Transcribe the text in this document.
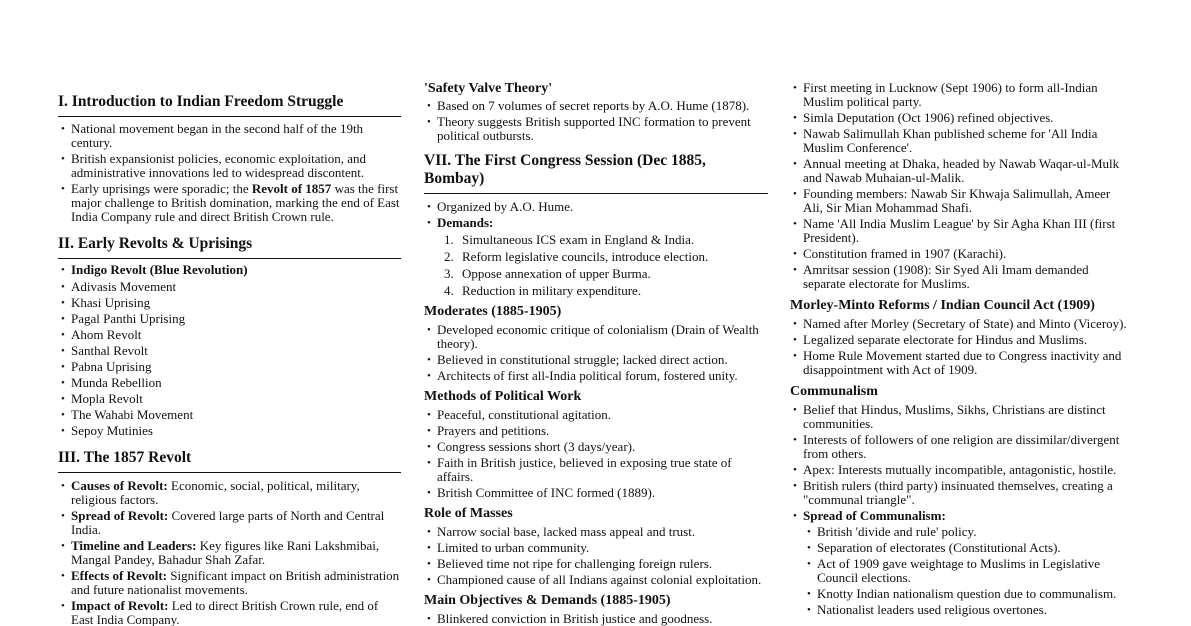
I. Introduction to Indian Freedom Struggle
• National movement began in the second half of the 19th century.
• British expansionist policies, economic exploitation, and administrative innovations led to widespread discontent.
• Early uprisings were sporadic; the Revolt of 1857 was the first major challenge to British domination, marking the end of East India Company rule and direct British Crown rule.
II. Early Revolts & Uprisings
• Indigo Revolt (Blue Revolution)
• Adivasis Movement
• Khasi Uprising
• Pagal Panthi Uprising
• Ahom Revolt
• Santhal Revolt
• Pabna Uprising
• Munda Rebellion
• Mopla Revolt
• The Wahabi Movement
• Sepoy Mutinies
III. The 1857 Revolt
• Causes of Revolt: Economic, social, political, military, religious factors.
• Spread of Revolt: Covered large parts of North and Central India.
• Timeline and Leaders: Key figures like Rani Lakshmibai, Mangal Pandey, Bahadur Shah Zafar.
• Effects of Revolt: Significant impact on British administration and future nationalist movements.
• Impact of Revolt: Led to direct British Crown rule, end of East India Company.
'Safety Valve Theory'
• Based on 7 volumes of secret reports by A.O. Hume (1878).
• Theory suggests British supported INC formation to prevent political outbursts.
VII. The First Congress Session (Dec 1885, Bombay)
• Organized by A.O. Hume.
• Demands:
1. Simultaneous ICS exam in England & India.
2. Reform legislative councils, introduce election.
3. Oppose annexation of upper Burma.
4. Reduction in military expenditure.
Moderates (1885-1905)
• Developed economic critique of colonialism (Drain of Wealth theory).
• Believed in constitutional struggle; lacked direct action.
• Architects of first all-India political forum, fostered unity.
Methods of Political Work
• Peaceful, constitutional agitation.
• Prayers and petitions.
• Congress sessions short (3 days/year).
• Faith in British justice, believed in exposing true state of affairs.
• British Committee of INC formed (1889).
Role of Masses
• Narrow social base, lacked mass appeal and trust.
• Limited to urban community.
• Believed time not ripe for challenging foreign rulers.
• Championed cause of all Indians against colonial exploitation.
Main Objectives & Demands (1885-1905)
• Blinkered conviction in British justice and goodness.
• First meeting in Lucknow (Sept 1906) to form all-Indian Muslim political party.
• Simla Deputation (Oct 1906) refined objectives.
• Nawab Salimullah Khan published scheme for 'All India Muslim Conference'.
• Annual meeting at Dhaka, headed by Nawab Waqar-ul-Mulk and Nawab Muhaian-ul-Malik.
• Founding members: Nawab Sir Khwaja Salimullah, Ameer Ali, Sir Mian Mohammad Shafi.
• Name 'All India Muslim League' by Sir Agha Khan III (first President).
• Constitution framed in 1907 (Karachi).
• Amritsar session (1908): Sir Syed Ali Imam demanded separate electorate for Muslims.
Morley-Minto Reforms / Indian Council Act (1909)
• Named after Morley (Secretary of State) and Minto (Viceroy).
• Legalized separate electorate for Hindus and Muslims.
• Home Rule Movement started due to Congress inactivity and disappointment with Act of 1909.
Communalism
• Belief that Hindus, Muslims, Sikhs, Christians are distinct communities.
• Interests of followers of one religion are dissimilar/divergent from others.
• Apex: Interests mutually incompatible, antagonistic, hostile.
• British rulers (third party) insinuated themselves, creating a "communal triangle".
• Spread of Communalism:
• British 'divide and rule' policy.
• Separation of electorates (Constitutional Acts).
• Act of 1909 gave weightage to Muslims in Legislative Council elections.
• Knotty Indian nationalism question due to communalism.
• Nationalist leaders used religious overtones.
